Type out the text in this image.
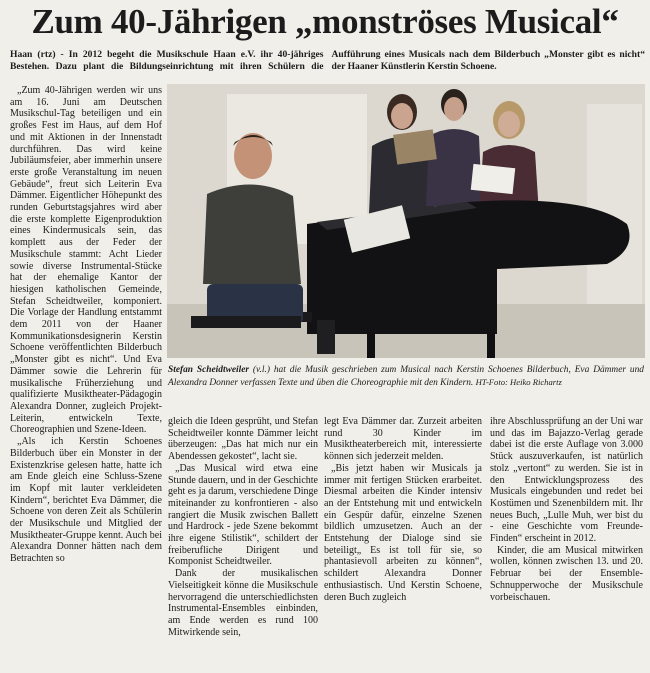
Zum 40-Jährigen „monströses Musical“

Haan (rtz) - In 2012 begeht die Musikschule Haan e.V. ihr 40-jähriges Bestehen. Dazu plant die Bildungseinrichtung mit ihren Schülern die Aufführung eines Musicals nach dem Bilderbuch „Monster gibt es nicht“ der Haaner Künstlerin Kerstin Schoene.

„Zum 40-Jährigen werden wir uns am 16. Juni am Deutschen Musikschul-Tag beteiligen und ein großes Fest im Haus, auf dem Hof und mit Aktionen in der Innenstadt durchführen. Das wird keine Jubiläumsfeier, aber immerhin unsere erste große Veranstaltung im neuen Gebäude“, freut sich Leiterin Eva Dämmer. Eigentlicher Höhepunkt des runden Geburtstagsjahres wird aber die erste komplette Eigenproduktion eines Kindermusicals sein, das komplett aus der Feder der Musikschule stammt: Acht Lieder sowie diverse Instrumental-Stücke hat der ehemalige Kantor der hiesigen katholischen Gemeinde, Stefan Scheidtweiler, komponiert. Die Vorlage der Handlung entstammt dem 2011 von der Haaner Kommunikationsdesignerin Kerstin Schoene veröffentlichten Bilderbuch „Monster gibt es nicht“. Und Eva Dämmer sowie die Lehrerin für musikalische Früherziehung und qualifizierte Musiktheater-Pädagogin Alexandra Donner, zugleich Projekt-Leiterin, entwickeln Texte, Choreographien und Szene-Ideen.

„Als ich Kerstin Schoenes Bilderbuch über ein Monster in der Existenzkrise gelesen hatte, hatte ich am Ende gleich eine Schluss-Szene im Kopf mit lauter verkleideten Kindern“, berichtet Eva Dämmer, die Schoene von deren Zeit als Schülerin der Musikschule und Mitglied der Musiktheater-Gruppe kennt. Auch bei Alexandra Donner hätten nach dem Betrachten so

Stefan Scheidtweiler (v.l.) hat die Musik geschrieben zum Musical nach Kerstin Schoenes Bilderbuch, Eva Dämmer und Alexandra Donner verfassen Texte und üben die Choreographie mit den Kindern. HT-Foto: Heiko Richartz

gleich die Ideen gesprüht, und Stefan Scheidtweiler konnte Dämmer leicht überzeugen: „Das hat mich nur ein Abendessen gekostet“, lacht sie.

„Das Musical wird etwa eine Stunde dauern, und in der Geschichte geht es ja darum, verschiedene Dinge miteinander zu konfrontieren - also rangiert die Musik zwischen Ballett und Hardrock - jede Szene bekommt ihre eigene Stilistik“, schildert der freiberufliche Dirigent und Komponist Scheidtweiler.

Dank der musikalischen Vielseitigkeit könne die Musikschule hervorragend die unterschiedlichsten Instrumental-Ensembles einbinden, am Ende werden es rund 100 Mitwirkende sein,

legt Eva Dämmer dar. Zurzeit arbeiten rund 30 Kinder im Musiktheaterbereich mit, interessierte können sich jederzeit melden.

„Bis jetzt haben wir Musicals ja immer mit fertigen Stücken erarbeitet. Diesmal arbeiten die Kinder intensiv an der Entstehung mit und entwickeln ein Gespür dafür, einzelne Szenen bildlich umzusetzen. Auch an der Entstehung der Dialoge sind sie beteiligt„ Es ist toll für sie, so phantasievoll arbeiten zu können“, schildert Alexandra Donner enthusiastisch. Und Kerstin Schoene, deren Buch zugleich

ihre Abschlussprüfung an der Uni war und das im Bajazzo-Verlag gerade dabei ist die erste Auflage von 3.000 Stück auszuverkaufen, ist natürlich stolz „vertont“ zu werden. Sie ist in den Entwicklungsprozess des Musicals eingebunden und redet bei Kostümen und Szenenbildern mit. Ihr neues Buch, „Lulle Muh, wer bist du - eine Geschichte vom Freunde-Finden“ erscheint in 2012.

Kinder, die am Musical mitwirken wollen, können zwischen 13. und 20. Februar bei der Ensemble-Schnupperwoche der Musikschule vorbeischauen.
